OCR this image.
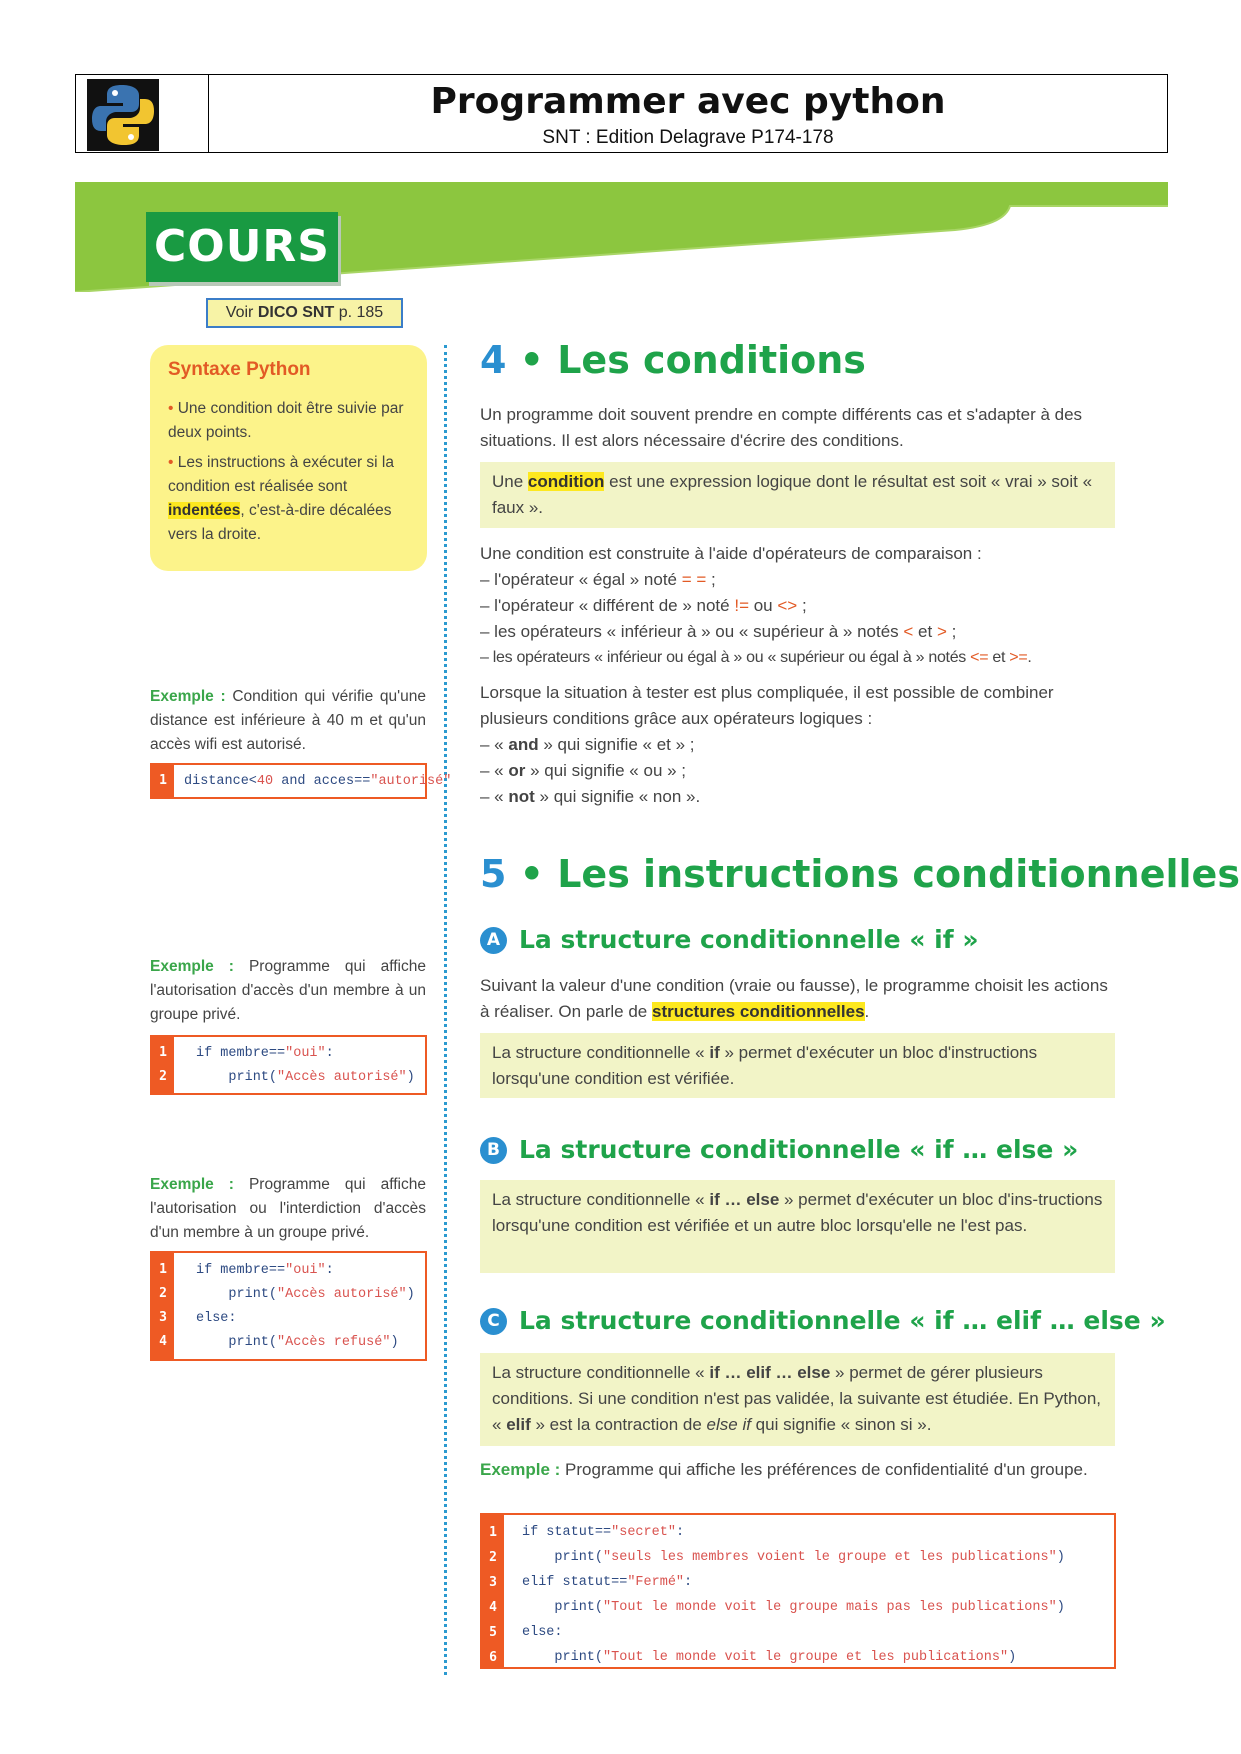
Programmer avec python
SNT : Edition Delagrave P174-178
COURS
Voir DICO SNT p. 185
Syntaxe Python
• Une condition doit être suivie par deux points.
• Les instructions à exécuter si la condition est réalisée sont indentées, c'est-à-dire décalées vers la droite.
Exemple : Condition qui vérifie qu'une distance est inférieure à 40 m et qu'un accès wifi est autorisé.
1	distance<40 and acces=="autorisé"
Exemple : Programme qui affiche l'autorisation d'accès d'un membre à un groupe privé.
1
2
if membre=="oui":
print("Accès autorisé")
Exemple : Programme qui affiche l'autorisation ou l'interdiction d'accès d'un membre à un groupe privé.
1
2
3
4
if membre=="oui":
print("Accès autorisé")
else:
print("Accès refusé")
4 • Les conditions
Un programme doit souvent prendre en compte différents cas et s'adapter à des situations. Il est alors nécessaire d'écrire des conditions.
Une condition est une expression logique dont le résultat est soit « vrai » soit « faux ».
Une condition est construite à l'aide d'opérateurs de comparaison :
– l'opérateur « égal » noté = = ;
– l'opérateur « différent de » noté != ou <> ;
– les opérateurs « inférieur à » ou « supérieur à » notés < et > ;
– les opérateurs « inférieur ou égal à » ou « supérieur ou égal à » notés <= et >=.
Lorsque la situation à tester est plus compliquée, il est possible de combiner plusieurs conditions grâce aux opérateurs logiques :
– « and » qui signifie « et » ;
– « or » qui signifie « ou » ;
– « not » qui signifie « non ».
5 • Les instructions conditionnelles
A La structure conditionnelle « if »
Suivant la valeur d'une condition (vraie ou fausse), le programme choisit les actions à réaliser. On parle de structures conditionnelles.
La structure conditionnelle « if » permet d'exécuter un bloc d'instructions lorsqu'une condition est vérifiée.
B La structure conditionnelle « if … else »
La structure conditionnelle « if … else » permet d'exécuter un bloc d'ins-tructions lorsqu'une condition est vérifiée et un autre bloc lorsqu'elle ne l'est pas.
C La structure conditionnelle « if … elif … else »
La structure conditionnelle « if … elif … else » permet de gérer plusieurs conditions. Si une condition n'est pas validée, la suivante est étudiée. En Python, « elif » est la contraction de else if qui signifie « sinon si ».
Exemple : Programme qui affiche les préférences de confidentialité d'un groupe.
1
2
3
4
5
6
if statut=="secret":
print("seuls les membres voient le groupe et les publications")
elif statut=="Fermé":
print("Tout le monde voit le groupe mais pas les publications")
else:
print("Tout le monde voit le groupe et les publications")
